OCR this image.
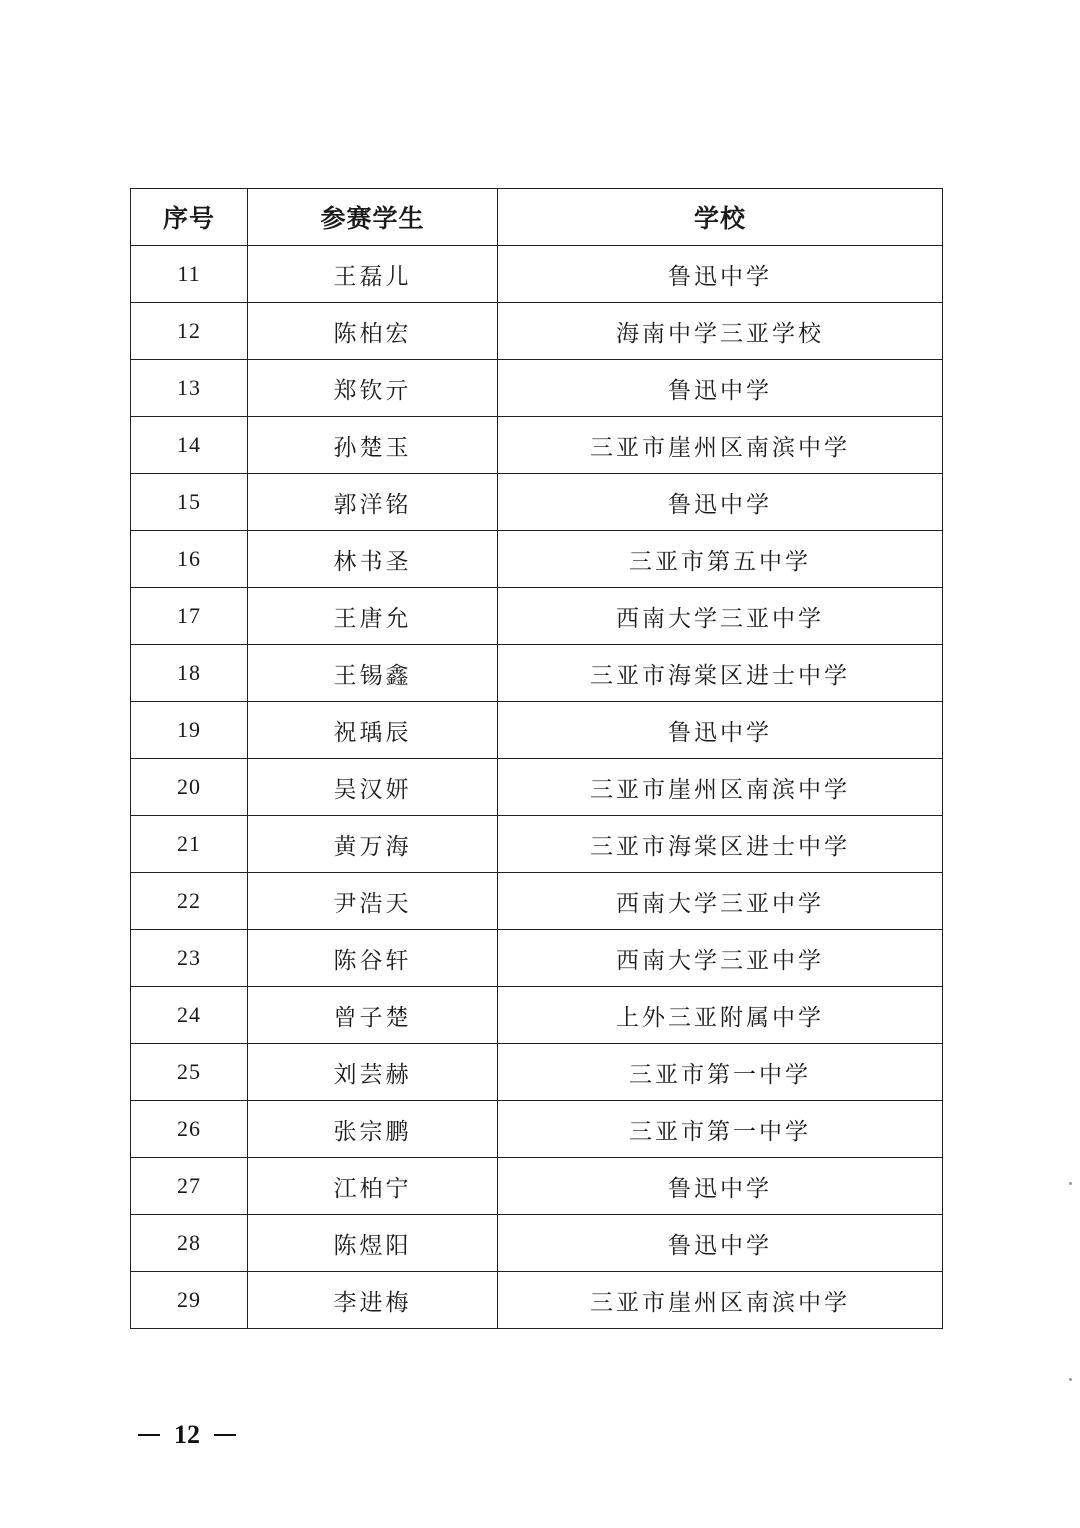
序号	参赛学生	学校
11	王磊儿	鲁迅中学
12	陈柏宏	海南中学三亚学校
13	郑钦亓	鲁迅中学
14	孙楚玉	三亚市崖州区南滨中学
15	郭洋铭	鲁迅中学
16	林书圣	三亚市第五中学
17	王唐允	西南大学三亚中学
18	王锡鑫	三亚市海棠区进士中学
19	祝瑀辰	鲁迅中学
20	吴汉妍	三亚市崖州区南滨中学
21	黄万海	三亚市海棠区进士中学
22	尹浩天	西南大学三亚中学
23	陈谷轩	西南大学三亚中学
24	曾子楚	上外三亚附属中学
25	刘芸赫	三亚市第一中学
26	张宗鹏	三亚市第一中学
27	江柏宁	鲁迅中学
28	陈煜阳	鲁迅中学
29	李进梅	三亚市崖州区南滨中学
12
